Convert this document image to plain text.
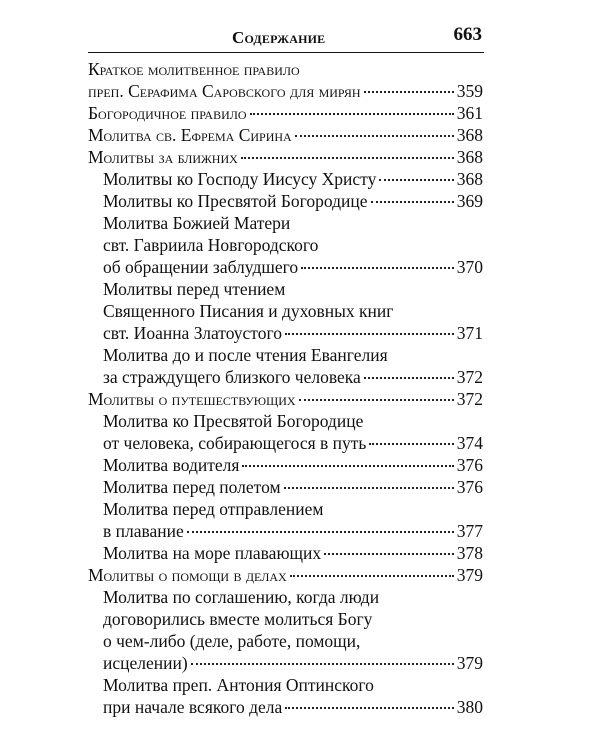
Содержание	663
Краткое молитвенное правило
преп. Серафима Саровского для мирян	359
Богородичное правило	361
Молитва св. Ефрема Сирина	368
Молитвы за ближних	368
Молитвы ко Господу Иисусу Христу	368
Молитвы ко Пресвятой Богородице	369
Молитва Божией Матери
свт. Гавриила Новгородского
об обращении заблудшего	370
Молитвы перед чтением
Священного Писания и духовных книг
свт. Иоанна Златоустого	371
Молитва до и после чтения Евангелия
за страждущего близкого человека	372
Молитвы о путешествующих	372
Молитва ко Пресвятой Богородице
от человека, собирающегося в путь	374
Молитва водителя	376
Молитва перед полетом	376
Молитва перед отправлением
в плавание	377
Молитва на море плавающих	378
Молитвы о помощи в делах	379
Молитва по соглашению, когда люди
договорились вместе молиться Богу
о чем-либо (деле, работе, помощи,
исцелении)	379
Молитва преп. Антония Оптинского
при начале всякого дела	380
